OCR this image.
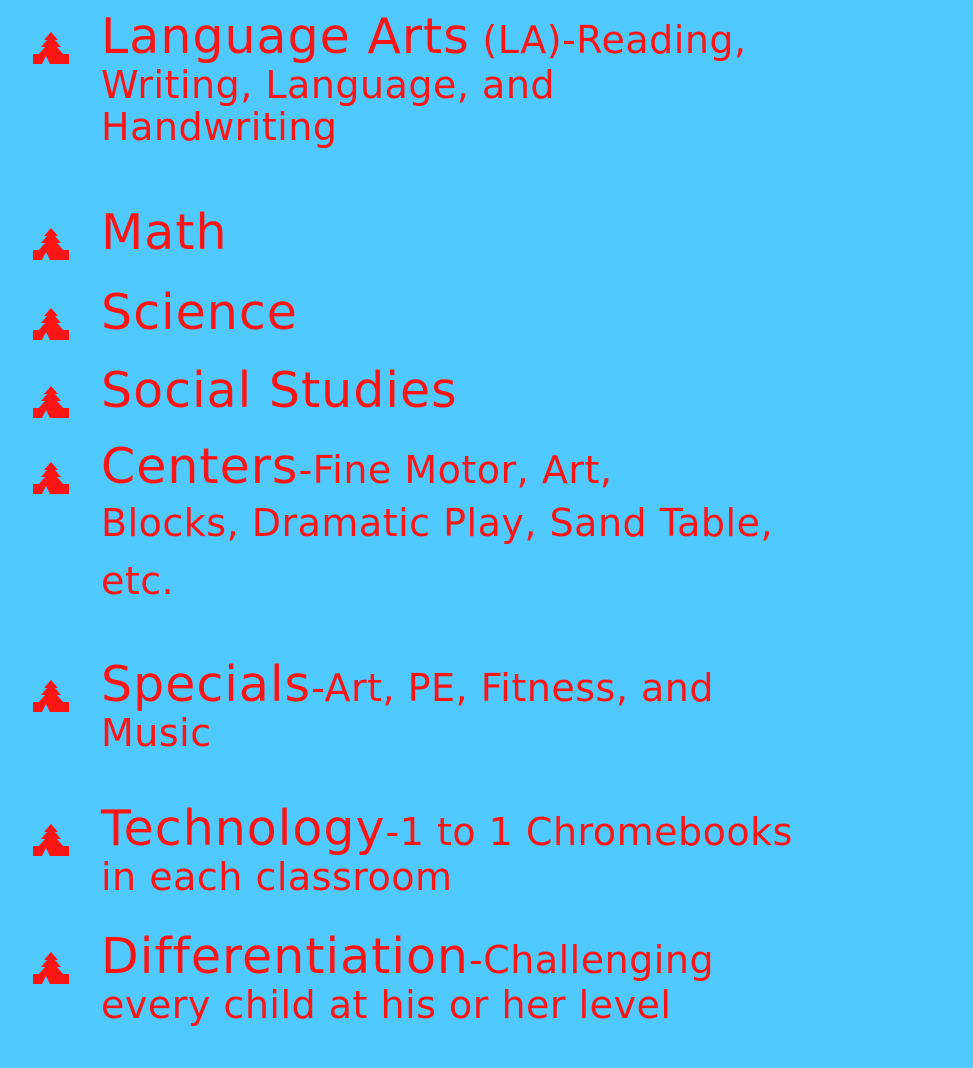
Language Arts (LA)-Reading,
Writing, Language, and
Handwriting
Math
Science
Social Studies
Centers-Fine Motor, Art,
Blocks, Dramatic Play, Sand Table,
etc.
Specials-Art, PE, Fitness, and
Music
Technology-1 to 1 Chromebooks
in each classroom
Differentiation-Challenging
every child at his or her level
